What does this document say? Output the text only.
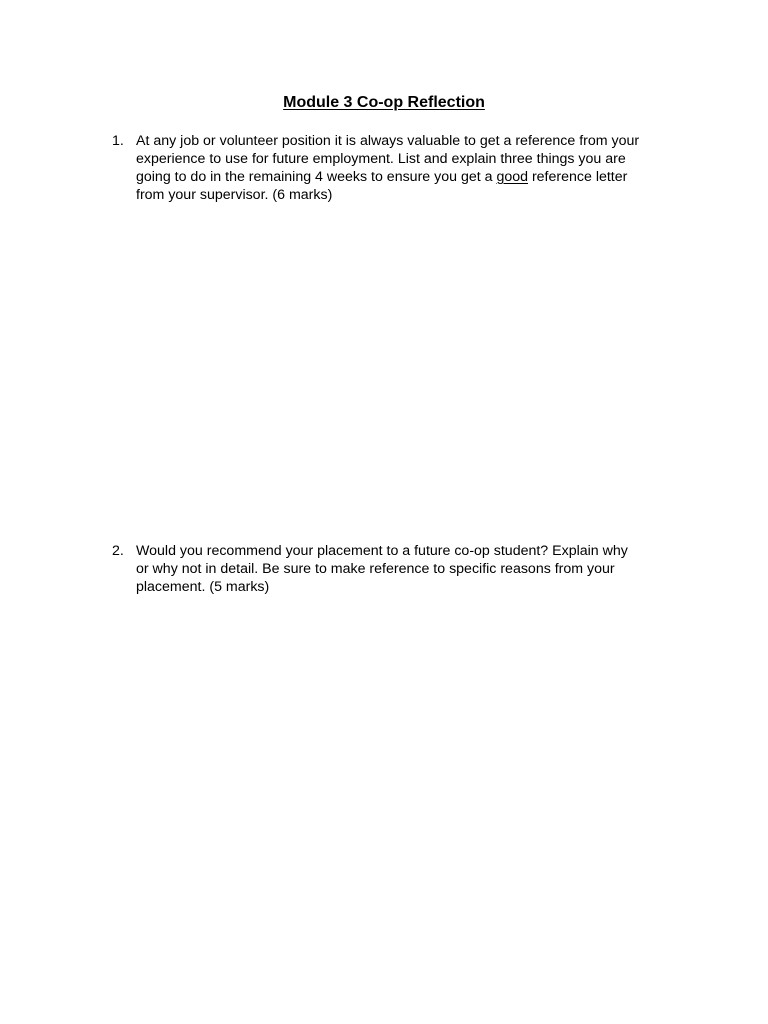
Module 3 Co-op Reflection
1. At any job or volunteer position it is always valuable to get a reference from your
experience to use for future employment. List and explain three things you are
going to do in the remaining 4 weeks to ensure you get a good reference letter
from your supervisor. (6 marks)
2. Would you recommend your placement to a future co-op student? Explain why
or why not in detail. Be sure to make reference to specific reasons from your
placement. (5 marks)
